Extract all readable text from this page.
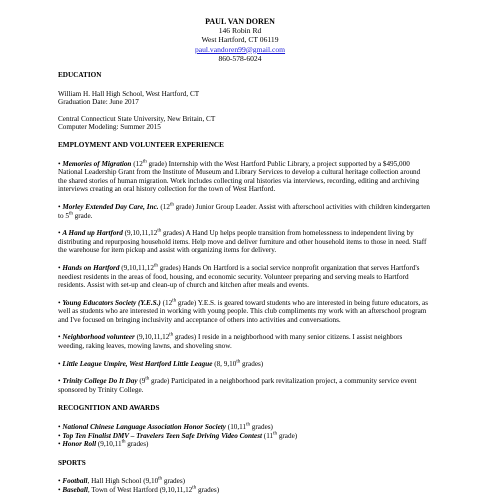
PAUL VAN DOREN
146 Robin Rd
West Hartford, CT 06119
paul.vandoren99@gmail.com
860-578-6024
EDUCATION
William H. Hall High School, West Hartford, CT
Graduation Date: June 2017
Central Connecticut State University, New Britain, CT
Computer Modeling: Summer 2015
EMPLOYMENT AND VOLUNTEER EXPERIENCE
• Memories of Migration (12th grade) Internship with the West Hartford Public Library, a project supported by a $495,000 National Leadership Grant from the Institute of Museum and Library Services to develop a cultural heritage collection around the shared stories of human migration. Work includes collecting oral histories via interviews, recording, editing and archiving interviews creating an oral history collection for the town of West Hartford.
• Morley Extended Day Care, Inc. (12th grade) Junior Group Leader. Assist with afterschool activities with children kindergarten to 5th grade.
• A Hand up Hartford (9,10,11,12th grades) A Hand Up helps people transition from homelessness to independent living by distributing and repurposing household items. Help move and deliver furniture and other household items to those in need. Staff the warehouse for item pickup and assist with organizing items for delivery.
• Hands on Hartford (9,10,11,12th grades) Hands On Hartford is a social service nonprofit organization that serves Hartford's neediest residents in the areas of food, housing, and economic security. Volunteer preparing and serving meals to Hartford residents. Assist with set-up and clean-up of church and kitchen after meals and events.
• Young Educators Society (Y.E.S.) (12th grade) Y.E.S. is geared toward students who are interested in being future educators, as well as students who are interested in working with young people. This club compliments my work with an afterschool program and I've focused on bringing inclusivity and acceptance of others into activities and conversations.
• Neighborhood volunteer (9,10,11,12th grades) I reside in a neighborhood with many senior citizens. I assist neighbors weeding, raking leaves, mowing lawns, and shoveling snow.
• Little League Umpire, West Hartford Little League (8, 9,10th grades)
• Trinity College Do It Day (9th grade) Participated in a neighborhood park revitalization project, a community service event sponsored by Trinity College.
RECOGNITION AND AWARDS
• National Chinese Language Association Honor Society (10,11th grades)
• Top Ten Finalist DMV – Travelers Teen Safe Driving Video Contest (11th grade)
• Honor Roll (9,10,11th grades)
SPORTS
• Football, Hall High School (9,10th grades)
• Baseball, Town of West Hartford (9,10,11,12th grades)
